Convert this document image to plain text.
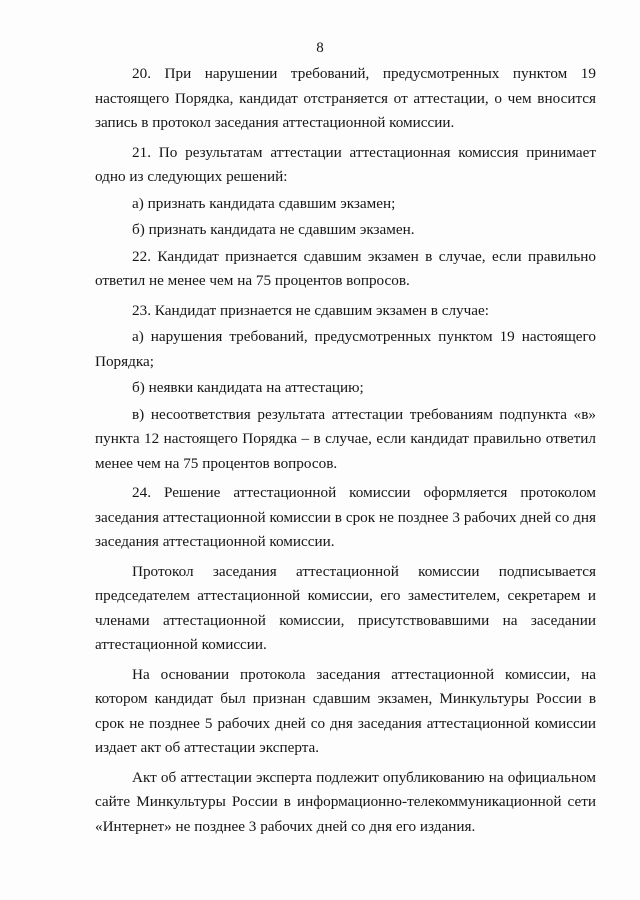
8

20. При нарушении требований, предусмотренных пунктом 19 настоящего Порядка, кандидат отстраняется от аттестации, о чем вносится запись в протокол заседания аттестационной комиссии.

21. По результатам аттестации аттестационная комиссия принимает одно из следующих решений:

а) признать кандидата сдавшим экзамен;

б) признать кандидата не сдавшим экзамен.

22. Кандидат признается сдавшим экзамен в случае, если правильно ответил не менее чем на 75 процентов вопросов.

23. Кандидат признается не сдавшим экзамен в случае:

а) нарушения требований, предусмотренных пунктом 19 настоящего Порядка;

б) неявки кандидата на аттестацию;

в) несоответствия результата аттестации требованиям подпункта «в» пункта 12 настоящего Порядка – в случае, если кандидат правильно ответил менее чем на 75 процентов вопросов.

24. Решение аттестационной комиссии оформляется протоколом заседания аттестационной комиссии в срок не позднее 3 рабочих дней со дня заседания аттестационной комиссии.

Протокол заседания аттестационной комиссии подписывается председателем аттестационной комиссии, его заместителем, секретарем и членами аттестационной комиссии, присутствовавшими на заседании аттестационной комиссии.

На основании протокола заседания аттестационной комиссии, на котором кандидат был признан сдавшим экзамен, Минкультуры России в срок не позднее 5 рабочих дней со дня заседания аттестационной комиссии издает акт об аттестации эксперта.

Акт об аттестации эксперта подлежит опубликованию на официальном сайте Минкультуры России в информационно-телекоммуникационной сети «Интернет» не позднее 3 рабочих дней со дня его издания.
